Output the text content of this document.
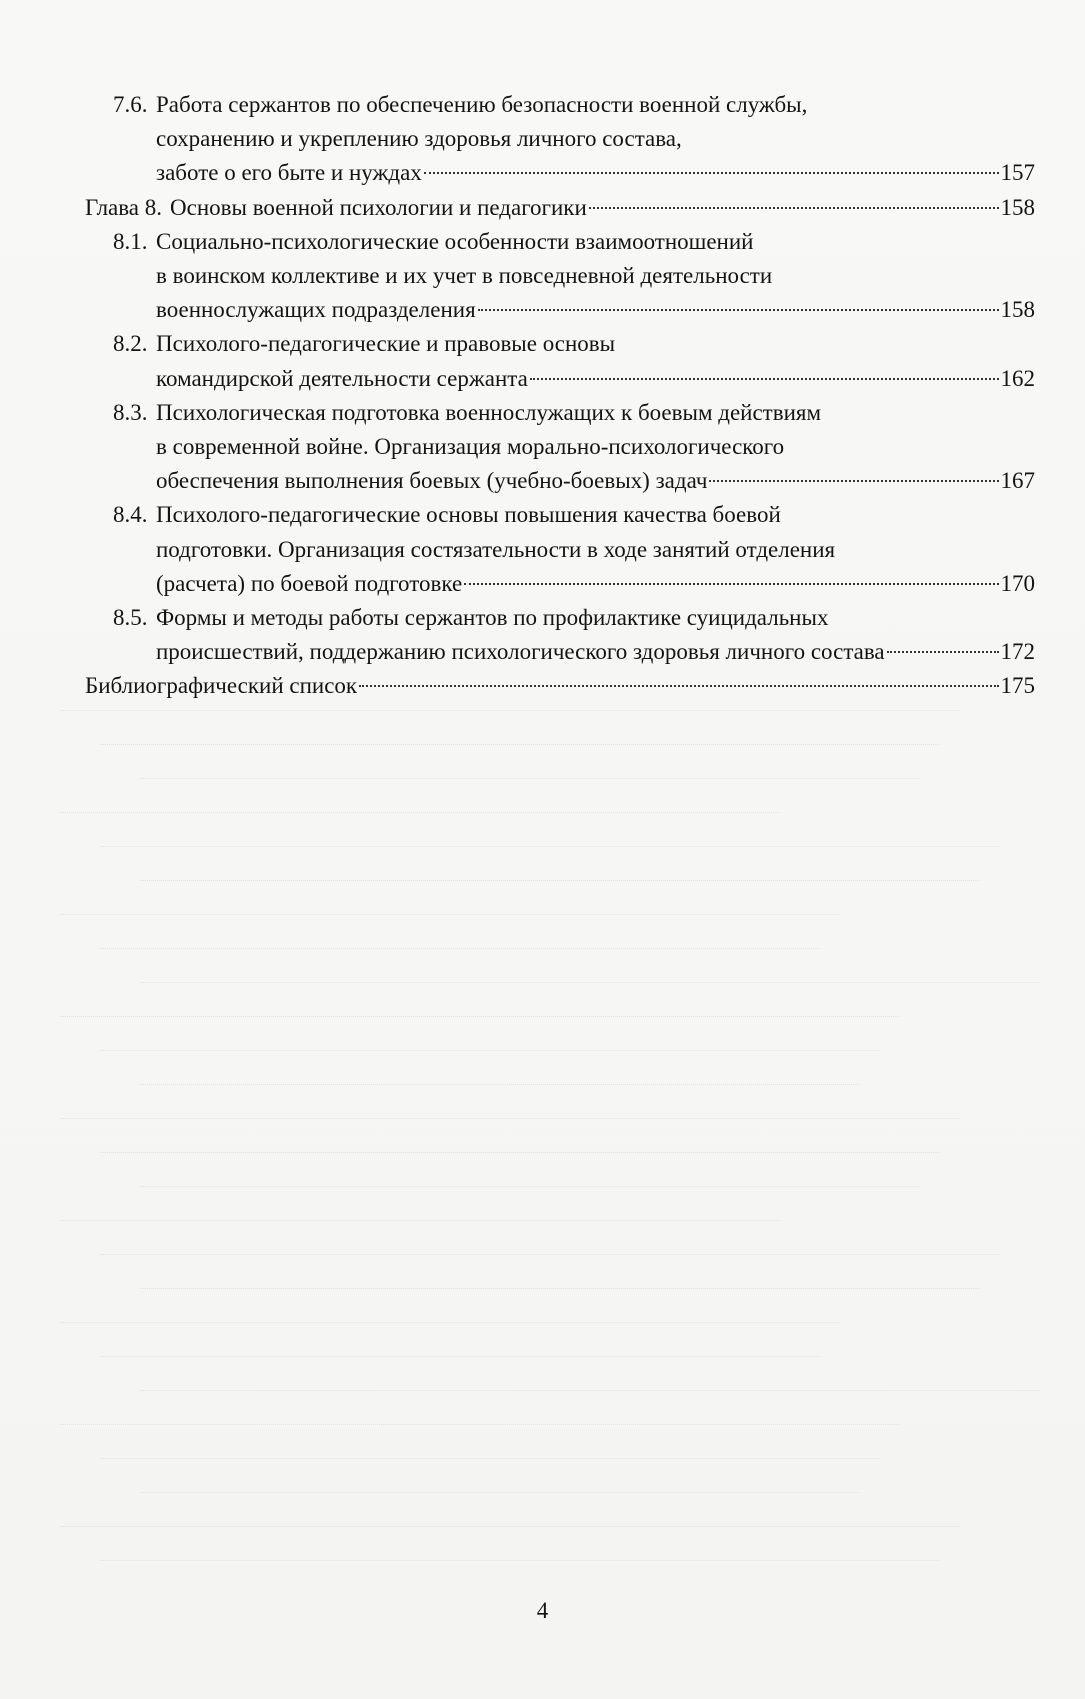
7.6. Работа сержантов по обеспечению безопасности военной службы,
сохранению и укреплению здоровья личного состава,
заботе о его быте и нуждах	157
Глава 8. Основы военной психологии и педагогики	158
8.1. Социально-психологические особенности взаимоотношений
в воинском коллективе и их учет в повседневной деятельности
военнослужащих подразделения	158
8.2. Психолого-педагогические и правовые основы
командирской деятельности сержанта	162
8.3. Психологическая подготовка военнослужащих к боевым действиям
в современной войне. Организация морально-психологического
обеспечения выполнения боевых (учебно-боевых) задач	167
8.4. Психолого-педагогические основы повышения качества боевой
подготовки. Организация состязательности в ходе занятий отделения
(расчета) по боевой подготовке	170
8.5. Формы и методы работы сержантов по профилактике суицидальных
происшествий, поддержанию психологического здоровья личного состава	172
Библиографический список	175
4
